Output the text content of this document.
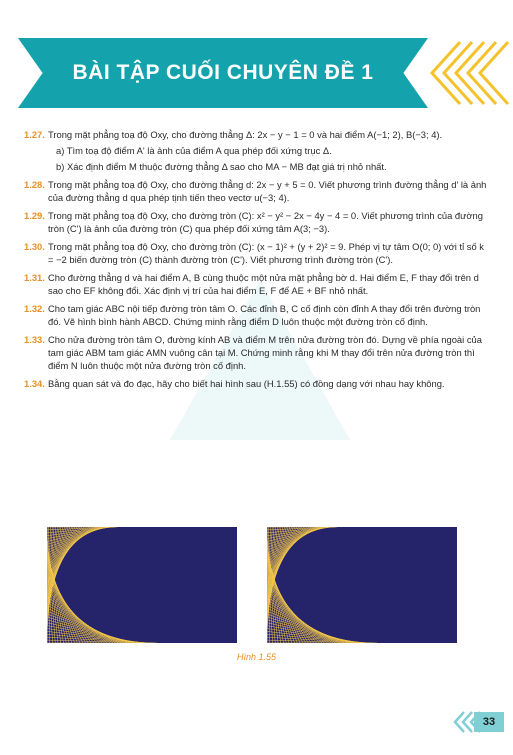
BÀI TẬP CUỐI CHUYÊN ĐỀ 1
1.27. Trong mặt phẳng toạ độ Oxy, cho đường thẳng Δ: 2x − y − 1 = 0 và hai điểm A(−1; 2), B(−3; 4).
a) Tìm toạ độ điểm A' là ảnh của điểm A qua phép đối xứng trục Δ.
b) Xác định điểm M thuộc đường thẳng Δ sao cho MA − MB đạt giá trị nhỏ nhất.
1.28. Trong mặt phẳng toạ độ Oxy, cho đường thẳng d: 2x − y + 5 = 0. Viết phương trình đường thẳng d' là ảnh của đường thẳng d qua phép tịnh tiến theo vectơ u(−3; 4).
1.29. Trong mặt phẳng toạ độ Oxy, cho đường tròn (C): x² − y² − 2x − 4y − 4 = 0. Viết phương trình của đường tròn (C') là ảnh của đường tròn (C) qua phép đối xứng tâm A(3; −3).
1.30. Trong mặt phẳng toạ độ Oxy, cho đường tròn (C): (x − 1)² + (y + 2)² = 9. Phép vị tự tâm O(0; 0) với tỉ số k = −2 biến đường tròn (C) thành đường tròn (C'). Viết phương trình đường tròn (C').
1.31. Cho đường thẳng d và hai điểm A, B cùng thuộc một nửa mặt phẳng bờ d. Hai điểm E, F thay đổi trên d sao cho EF không đổi. Xác định vị trí của hai điểm E, F để AE + BF nhỏ nhất.
1.32. Cho tam giác ABC nội tiếp đường tròn tâm O. Các đỉnh B, C cố định còn đỉnh A thay đổi trên đường tròn đó. Vẽ hình bình hành ABCD. Chứng minh rằng điểm D luôn thuộc một đường tròn cố định.
1.33. Cho nửa đường tròn tâm O, đường kính AB và điểm M trên nửa đường tròn đó. Dựng về phía ngoài của tam giác ABM tam giác AMN vuông cân tại M. Chứng minh rằng khi M thay đổi trên nửa đường tròn thì điểm N luôn thuộc một nửa đường tròn cố định.
1.34. Bằng quan sát và đo đạc, hãy cho biết hai hình sau (H.1.55) có đồng dạng với nhau hay không.
Hình 1.55
33
